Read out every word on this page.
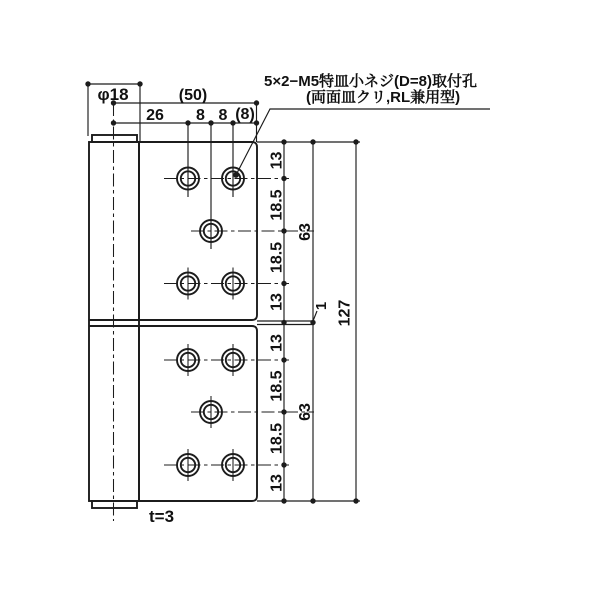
φ18	(50)
26 8 8 (8)
5×2−M5特皿小ネジ(D=8)取付孔
(両面皿クリ,RL兼用型)
13
18.5
18.5
13
13
18.5
18.5
13
63
63
1 127
t=3
